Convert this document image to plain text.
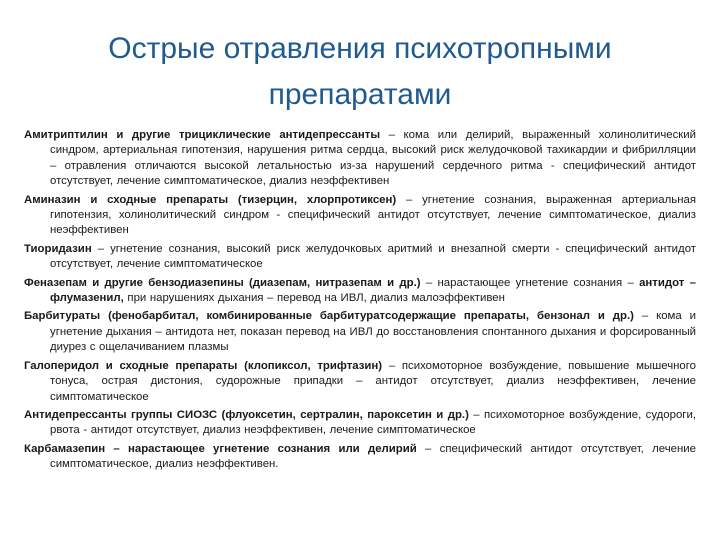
Острые отравления психотропными
препаратами

Амитриптилин и другие трициклические антидепрессанты – кома или делирий, выраженный холинолитический синдром, артериальная гипотензия, нарушения ритма сердца, высокий риск желудочковой тахикардии и фибрилляции – отравления отличаются высокой летальностью из-за нарушений сердечного ритма - специфический антидот отсутствует, лечение симптоматическое, диализ неэффективен

Аминазин и сходные препараты (тизерцин, хлорпротиксен) – угнетение сознания, выраженная артериальная гипотензия, холинолитический синдром - специфический антидот отсутствует, лечение симптоматическое, диализ неэффективен

Тиоридазин – угнетение сознания, высокий риск желудочковых аритмий и внезапной смерти - специфический антидот отсутствует, лечение симптоматическое

Феназепам и другие бензодиазепины (диазепам, нитразепам и др.) – нарастающее угнетение сознания – антидот – флумазенил, при нарушениях дыхания – перевод на ИВЛ, диализ малоэффективен

Барбитураты (фенобарбитал, комбинированные барбитуратсодержащие препараты, бензонал и др.) – кома и угнетение дыхания – антидота нет, показан перевод на ИВЛ до восстановления спонтанного дыхания и форсированный диурез с ощелачиванием плазмы

Галоперидол и сходные препараты (клопиксол, трифтазин) – психомоторное возбуждение, повышение мышечного тонуса, острая дистония, судорожные припадки – антидот отсутствует, диализ неэффективен, лечение симптоматическое

Антидепрессанты группы СИОЗС (флуоксетин, сертралин, пароксетин и др.) – психомоторное возбуждение, судороги, рвота - антидот отсутствует, диализ неэффективен, лечение симптоматическое

Карбамазепин – нарастающее угнетение сознания или делирий – специфический антидот отсутствует, лечение симптоматическое, диализ неэффективен.
